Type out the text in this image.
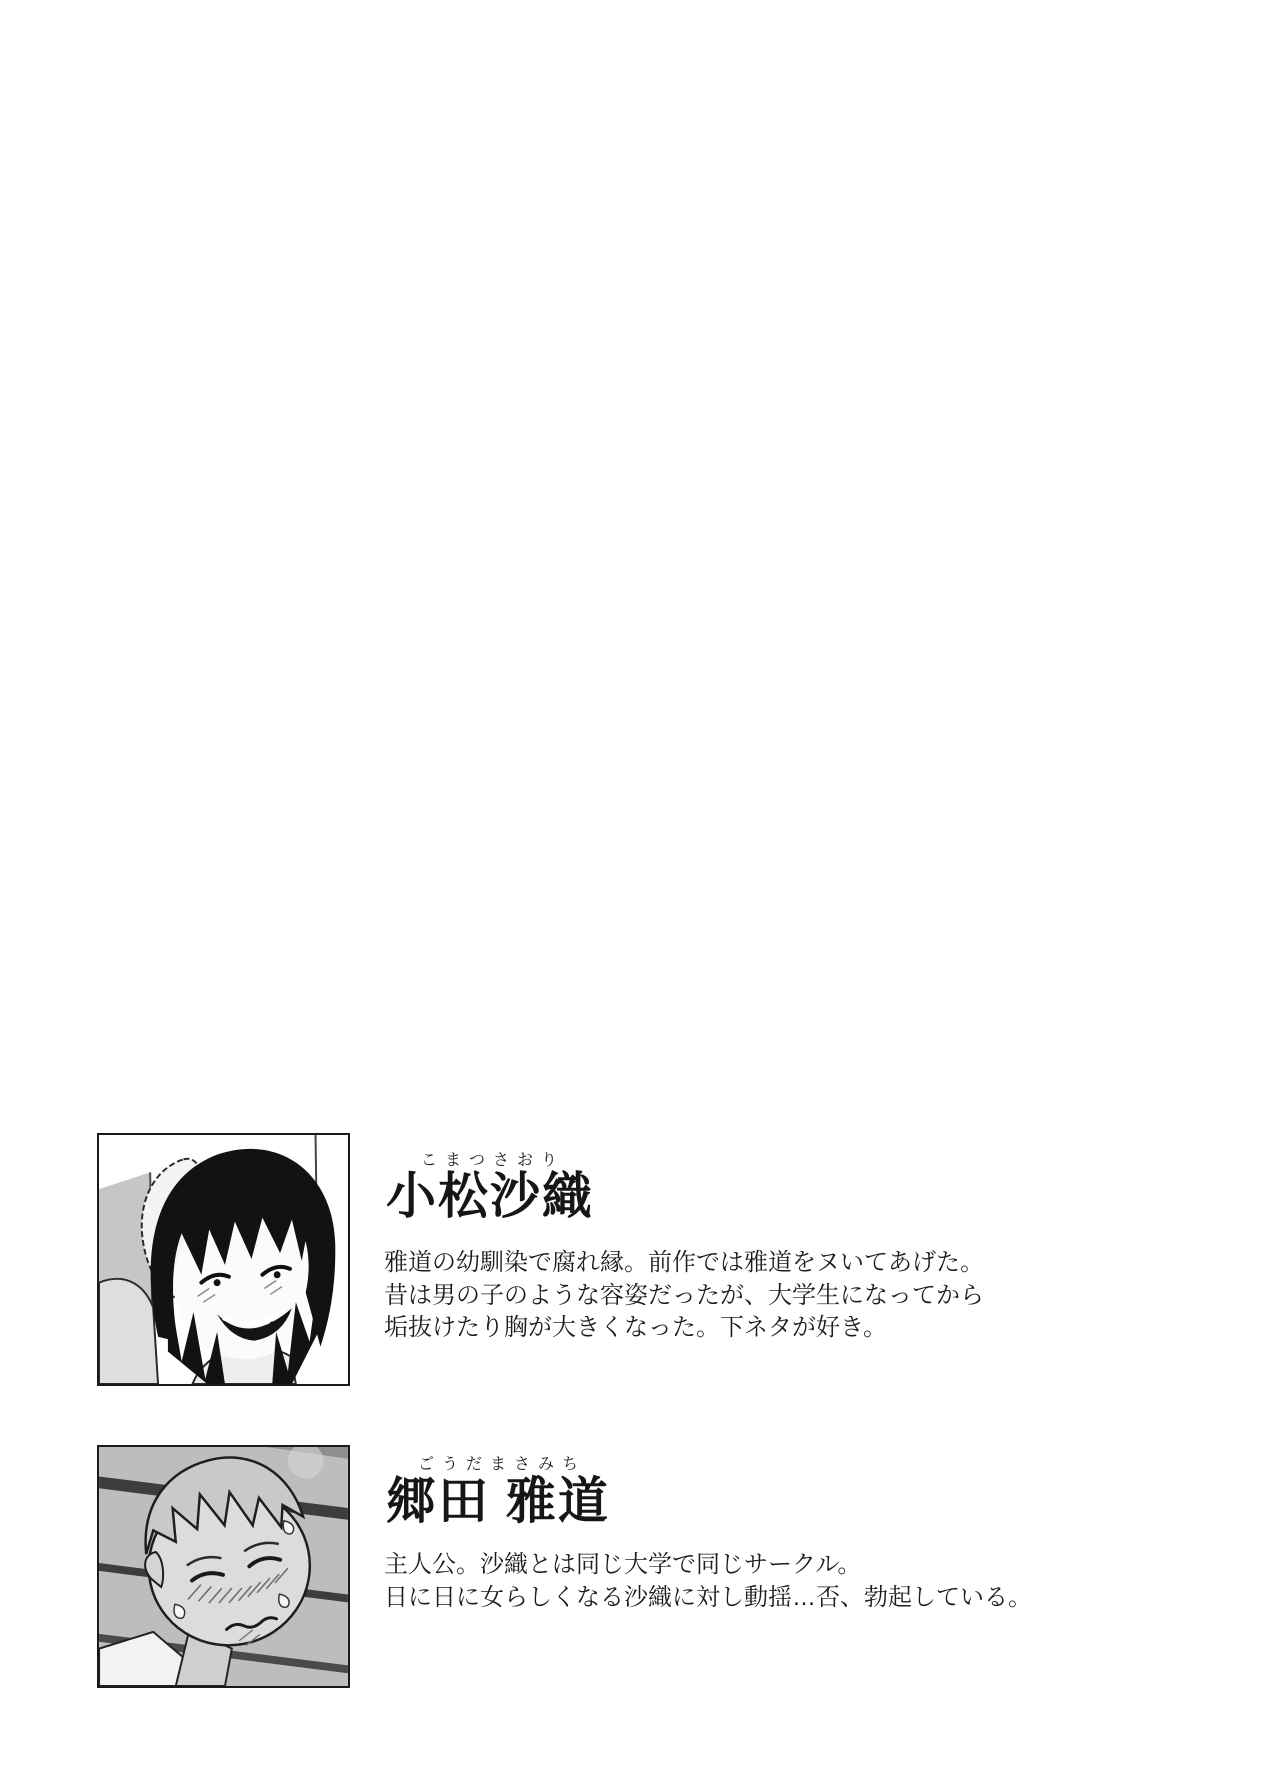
こまつさおり
小松沙織
雅道の幼馴染で腐れ縁。前作では雅道をヌいてあげた。
昔は男の子のような容姿だったが、大学生になってから
垢抜けたり胸が大きくなった。下ネタが好き。
ごうだまさみち
郷田 雅道
主人公。沙織とは同じ大学で同じサークル。
日に日に女らしくなる沙織に対し動揺…否、勃起している。
